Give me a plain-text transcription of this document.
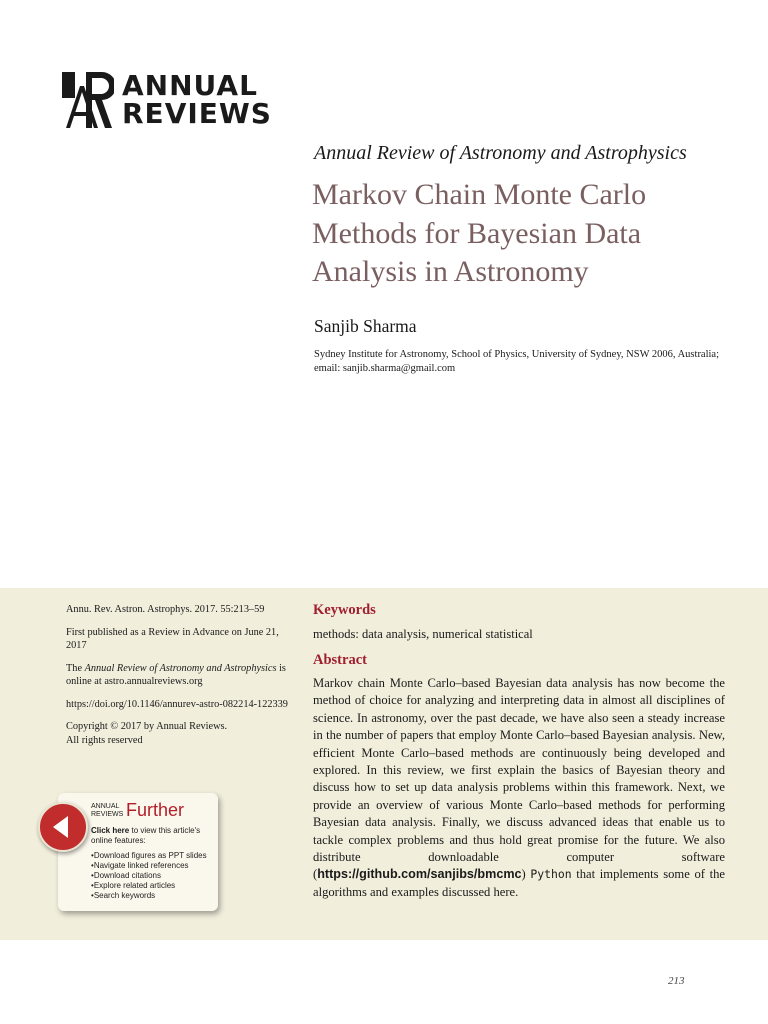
ANNUAL
REVIEWS
Annual Review of Astronomy and Astrophysics
Markov Chain Monte Carlo Methods for Bayesian Data Analysis in Astronomy
Sanjib Sharma
Sydney Institute for Astronomy, School of Physics, University of Sydney, NSW 2006, Australia; email: sanjib.sharma@gmail.com

Annu. Rev. Astron. Astrophys. 2017. 55:213–59

First published as a Review in Advance on June 21, 2017

The Annual Review of Astronomy and Astrophysics is online at astro.annualreviews.org

https://doi.org/10.1146/annurev-astro-082214-122339

Copyright © 2017 by Annual Reviews.
All rights reserved

ANNUAL
REVIEWS Further
Click here to view this article's online features:
• Download figures as PPT slides
• Navigate linked references
• Download citations
• Explore related articles
• Search keywords
Keywords
methods: data analysis, numerical statistical
Abstract
Markov chain Monte Carlo–based Bayesian data analysis has now become the method of choice for analyzing and interpreting data in almost all disciplines of science. In astronomy, over the past decade, we have also seen a steady increase in the number of papers that employ Monte Carlo–based Bayesian analysis. New, efficient Monte Carlo–based methods are continuously being developed and explored. In this review, we first explain the basics of Bayesian theory and discuss how to set up data analysis problems within this framework. Next, we provide an overview of various Monte Carlo–based methods for performing Bayesian data analysis. Finally, we discuss advanced ideas that enable us to tackle complex problems and thus hold great promise for the future. We also distribute downloadable computer software (https://github.com/sanjibs/bmcmc) Python that implements some of the algorithms and examples discussed here.
213
